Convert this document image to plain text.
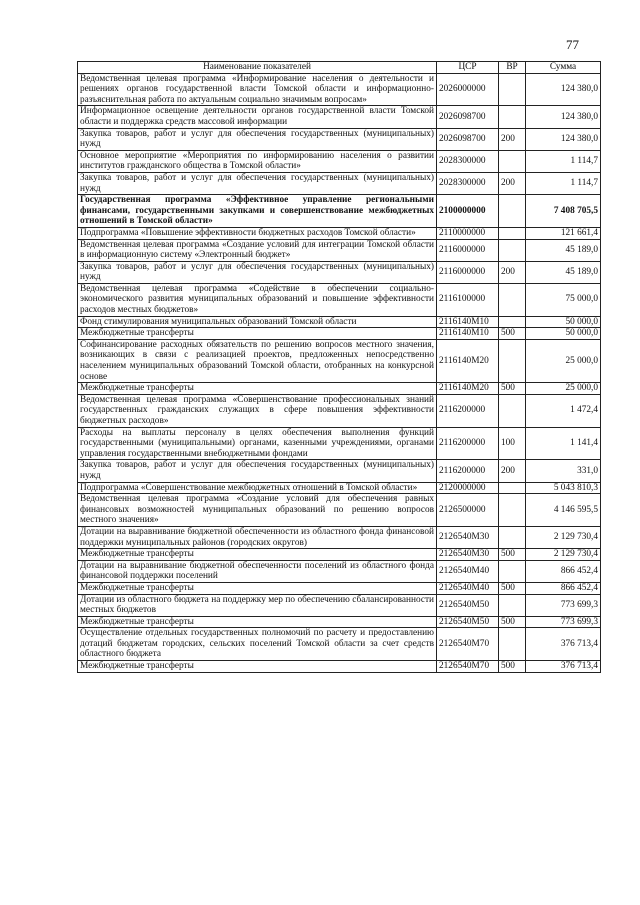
77
Наименование показателей	ЦСР	ВР	Сумма
Ведомственная целевая программа «Информирование населения о деятельности и решениях органов государственной власти Томской области и информационно-разъяснительная работа по актуальным социально значимым вопросам»	2026000000		124 380,0
Информационное освещение деятельности органов государственной власти Томской области и поддержка средств массовой информации	2026098700		124 380,0
Закупка товаров, работ и услуг для обеспечения государственных (муниципальных) нужд	2026098700	200	124 380,0
Основное мероприятие «Мероприятия по информированию населения о развитии институтов гражданского общества в Томской области»	2028300000		1 114,7
Закупка товаров, работ и услуг для обеспечения государственных (муниципальных) нужд	2028300000	200	1 114,7
Государственная программа «Эффективное управление региональными финансами, государственными закупками и совершенствование межбюджетных отношений в Томской области»	2100000000		7 408 705,5
Подпрограмма «Повышение эффективности бюджетных расходов Томской области»	2110000000		121 661,4
Ведомственная целевая программа «Создание условий для интеграции Томской области в информационную систему «Электронный бюджет»	2116000000		45 189,0
Закупка товаров, работ и услуг для обеспечения государственных (муниципальных) нужд	2116000000	200	45 189,0
Ведомственная целевая программа «Содействие в обеспечении социально-экономического развития муниципальных образований и повышение эффективности расходов местных бюджетов»	2116100000		75 000,0
Фонд стимулирования муниципальных образований Томской области	2116140М10		50 000,0
Межбюджетные трансферты	2116140М10	500	50 000,0
Софинансирование расходных обязательств по решению вопросов местного значения, возникающих в связи с реализацией проектов, предложенных непосредственно населением муниципальных образований Томской области, отобранных на конкурсной основе	2116140М20		25 000,0
Межбюджетные трансферты	2116140М20	500	25 000,0
Ведомственная целевая программа «Совершенствование профессиональных знаний государственных гражданских служащих в сфере повышения эффективности бюджетных расходов»	2116200000		1 472,4
Расходы на выплаты персоналу в целях обеспечения выполнения функций государственными (муниципальными) органами, казенными учреждениями, органами управления государственными внебюджетными фондами	2116200000	100	1 141,4
Закупка товаров, работ и услуг для обеспечения государственных (муниципальных) нужд	2116200000	200	331,0
Подпрограмма «Совершенствование межбюджетных отношений в Томской области»	2120000000		5 043 810,3
Ведомственная целевая программа «Создание условий для обеспечения равных финансовых возможностей муниципальных образований по решению вопросов местного значения»	2126500000		4 146 595,5
Дотации на выравнивание бюджетной обеспеченности из областного фонда финансовой поддержки муниципальных районов (городских округов)	2126540М30		2 129 730,4
Межбюджетные трансферты	2126540М30	500	2 129 730,4
Дотации на выравнивание бюджетной обеспеченности поселений из областного фонда финансовой поддержки поселений	2126540М40		866 452,4
Межбюджетные трансферты	2126540М40	500	866 452,4
Дотации из областного бюджета на поддержку мер по обеспечению сбалансированности местных бюджетов	2126540М50		773 699,3
Межбюджетные трансферты	2126540М50	500	773 699,3
Осуществление отдельных государственных полномочий по расчету и предоставлению дотаций бюджетам городских, сельских поселений Томской области за счет средств областного бюджета	2126540М70		376 713,4
Межбюджетные трансферты	2126540М70	500	376 713,4
